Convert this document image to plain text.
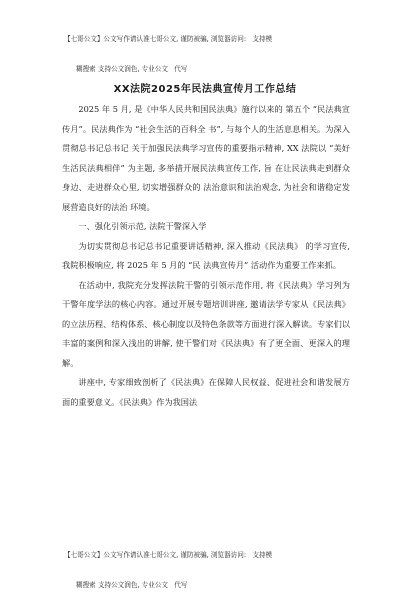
【七哥公文】公文写作请认准七哥公文, 谨防被骗, 浏览器访问:   支持模

糊搜索 支持公文润色, 专业公文   代写

XX法院2025年民法典宣传月工作总结

2025 年 5 月, 是《中华人民共和国民法典》施行以来的 第五个 “民法典宣传月”。民法典作为 “社会生活的百科全 书”, 与每个人的生活息息相关。为深入贯彻总书记总书记 关于加强民法典学习宣传的重要指示精神, XX 法院以 “美好 生活民法典相伴” 为主题, 多举措开展民法典宣传工作, 旨 在让民法典走到群众身边、走进群众心里, 切实增强群众的 法治意识和法治观念, 为社会和谐稳定发展营造良好的法治 环境。

一、强化引领示范, 法院干警深入学

为切实贯彻总书记总书记重要讲话精神, 深入推动《民法典》 的学习宣传, 我院积极响应, 将 2025 年 5 月的 “民 法典宣传月” 活动作为重要工作来抓。

在活动中, 我院充分发挥法院干警的引领示范作用, 将《民法典》学习列为干警年度学法的核心内容。通过开展专题培训讲座, 邀请法学专家从《民法典》的立法历程、结构体系、核心制度以及特色条款等方面进行深入解读。专家们以丰富的案例和深入浅出的讲解, 使干警们对《民法典》有了更全面、更深入的理解。

讲座中, 专家细致剖析了《民法典》在保障人民权益、促进社会和谐发展方面的重要意义。《民法典》作为我国法

【七哥公文】公文写作请认准七哥公文, 谨防被骗, 浏览器访问:   支持模

糊搜索 支持公文润色, 专业公文   代写
